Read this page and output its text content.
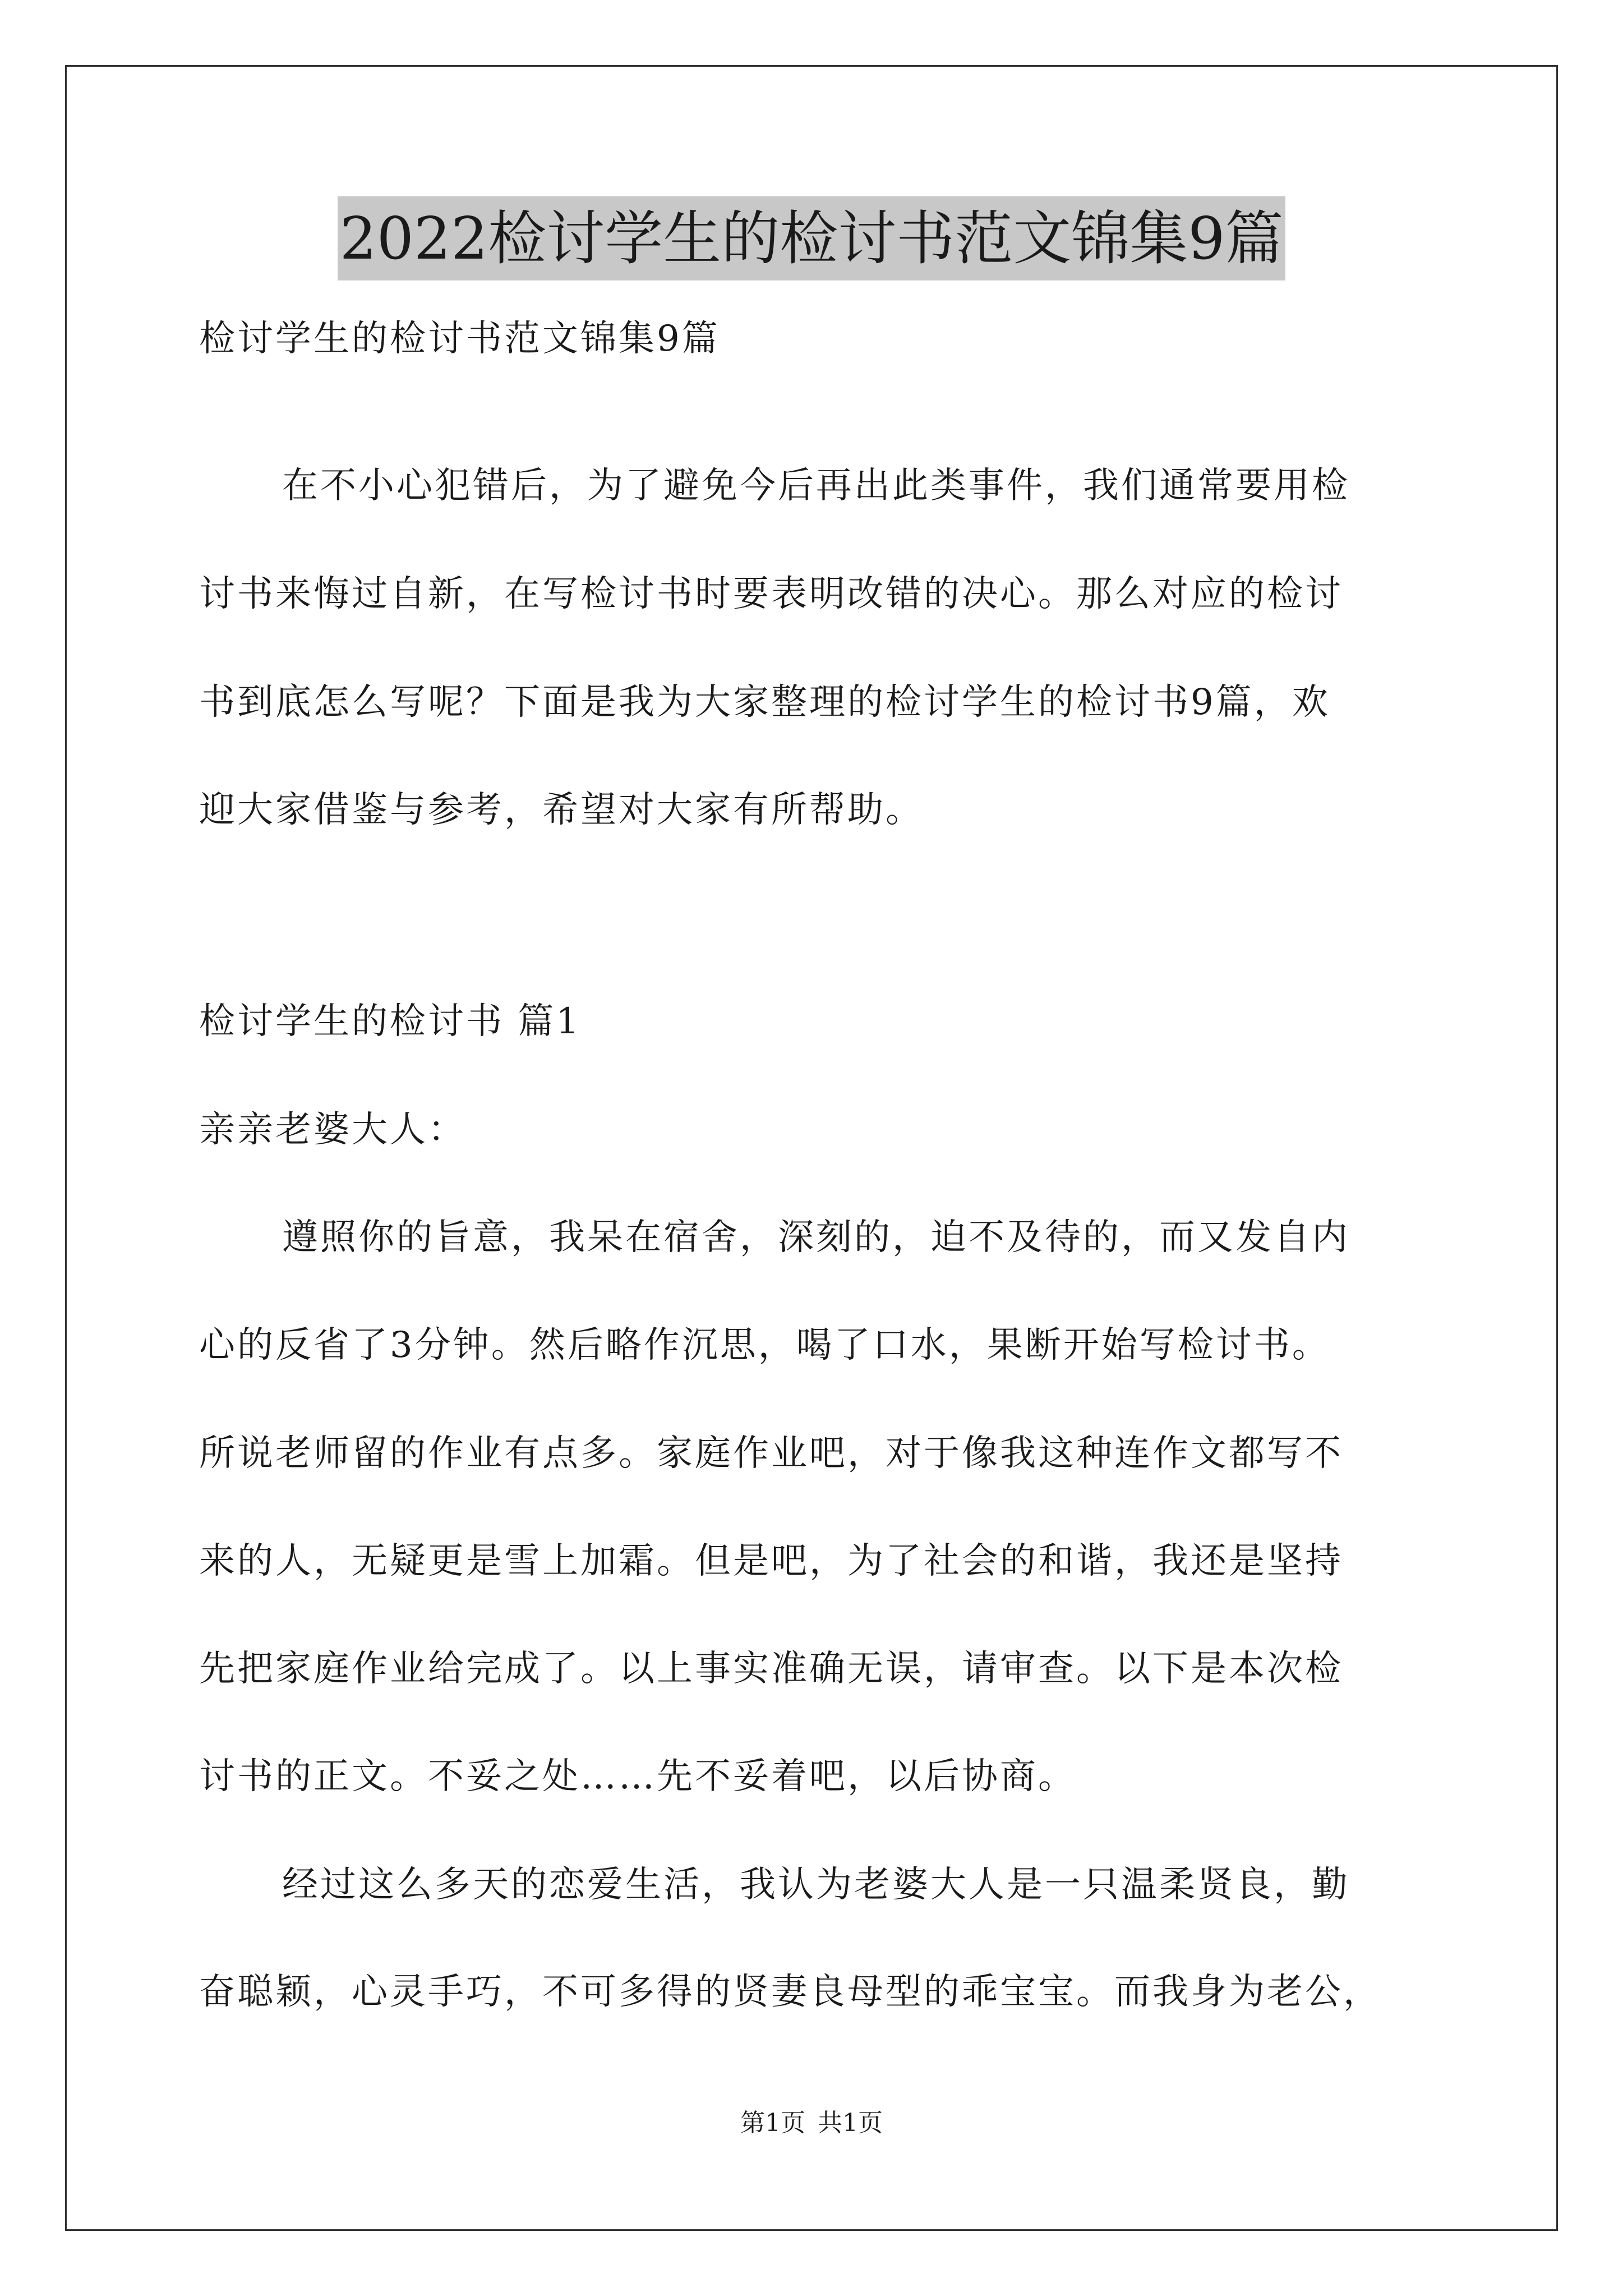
2022检讨学生的检讨书范文锦集9篇
检讨学生的检讨书范文锦集9篇
在不小心犯错后，为了避免今后再出此类事件，我们通常要用检
讨书来悔过自新，在写检讨书时要表明改错的决心。那么对应的检讨
书到底怎么写呢？下面是我为大家整理的检讨学生的检讨书9篇，欢
迎大家借鉴与参考，希望对大家有所帮助。
检讨学生的检讨书 篇1
亲亲老婆大人：
遵照你的旨意，我呆在宿舍，深刻的，迫不及待的，而又发自内
心的反省了3分钟。然后略作沉思，喝了口水，果断开始写检讨书。
所说老师留的作业有点多。家庭作业吧，对于像我这种连作文都写不
来的人，无疑更是雪上加霜。但是吧，为了社会的和谐，我还是坚持
先把家庭作业给完成了。以上事实准确无误，请审查。以下是本次检
讨书的正文。不妥之处……先不妥着吧，以后协商。
经过这么多天的恋爱生活，我认为老婆大人是一只温柔贤良，勤
奋聪颖，心灵手巧，不可多得的贤妻良母型的乖宝宝。而我身为老公，
第1页 共1页
